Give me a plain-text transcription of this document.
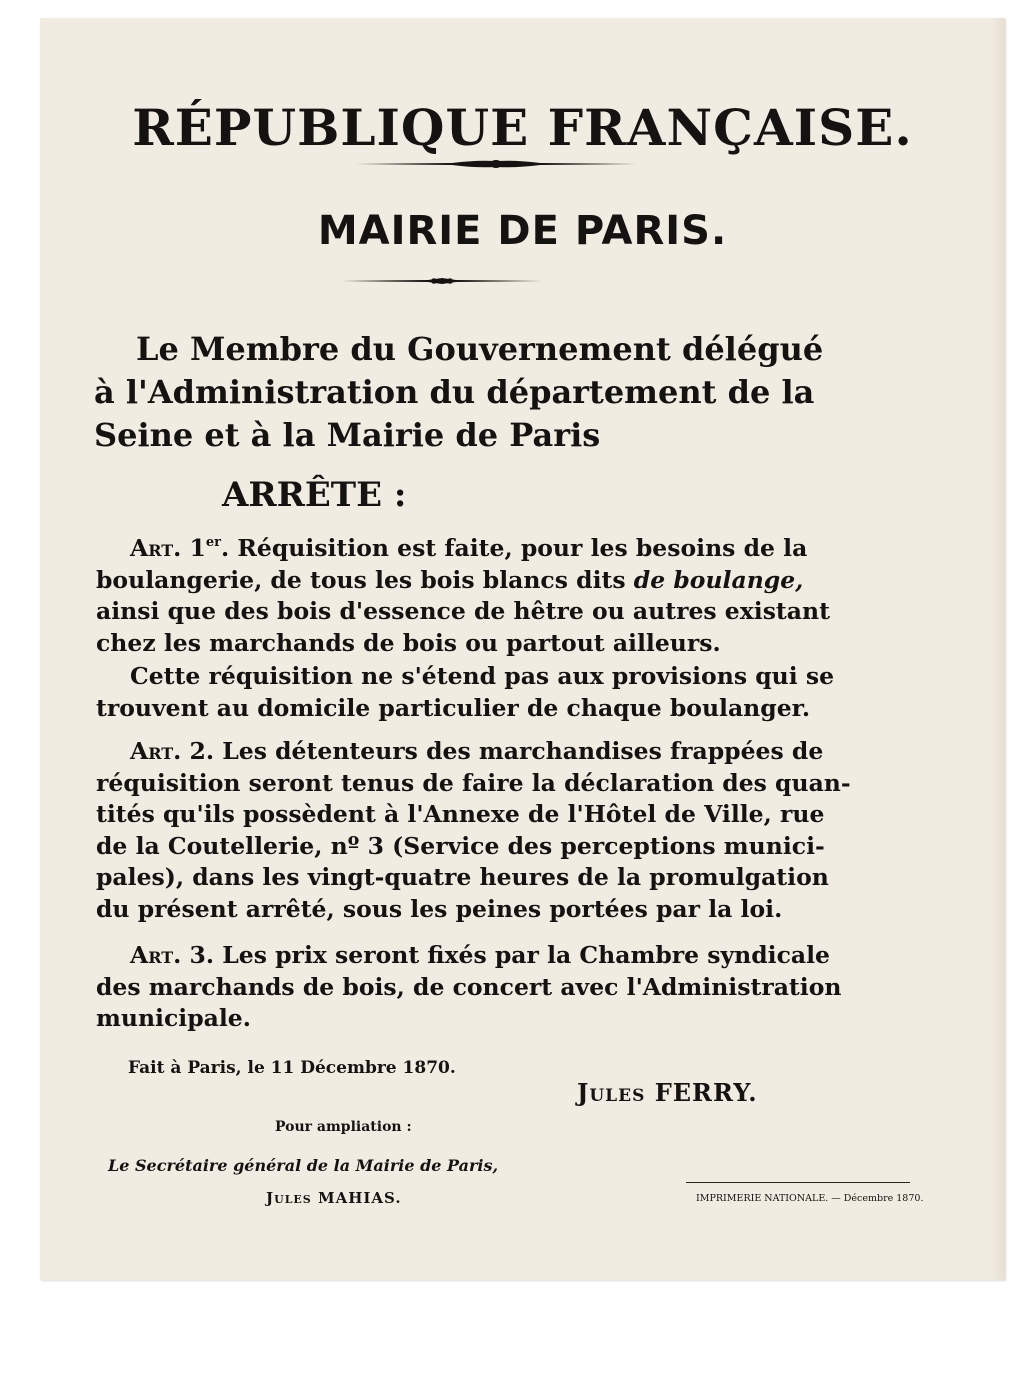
RÉPUBLIQUE FRANÇAISE.
MAIRIE DE PARIS.
Le Membre du Gouvernement délégué
à l'Administration du département de la
Seine et à la Mairie de Paris
ARRÊTE :
Art. 1er. Réquisition est faite, pour les besoins de la
boulangerie, de tous les bois blancs dits de boulange,
ainsi que des bois d'essence de hêtre ou autres existant
chez les marchands de bois ou partout ailleurs.
Cette réquisition ne s'étend pas aux provisions qui se
trouvent au domicile particulier de chaque boulanger.
Art. 2. Les détenteurs des marchandises frappées de
réquisition seront tenus de faire la déclaration des quan-
tités qu'ils possèdent à l'Annexe de l'Hôtel de Ville, rue
de la Coutellerie, nº 3 (Service des perceptions munici-
pales), dans les vingt-quatre heures de la promulgation
du présent arrêté, sous les peines portées par la loi.
Art. 3. Les prix seront fixés par la Chambre syndicale
des marchands de bois, de concert avec l'Administration
municipale.
Fait à Paris, le 11 Décembre 1870.
Jules FERRY.
Pour ampliation :
Le Secrétaire général de la Mairie de Paris,
Jules MAHIAS.	IMPRIMERIE NATIONALE. — Décembre 1870.
